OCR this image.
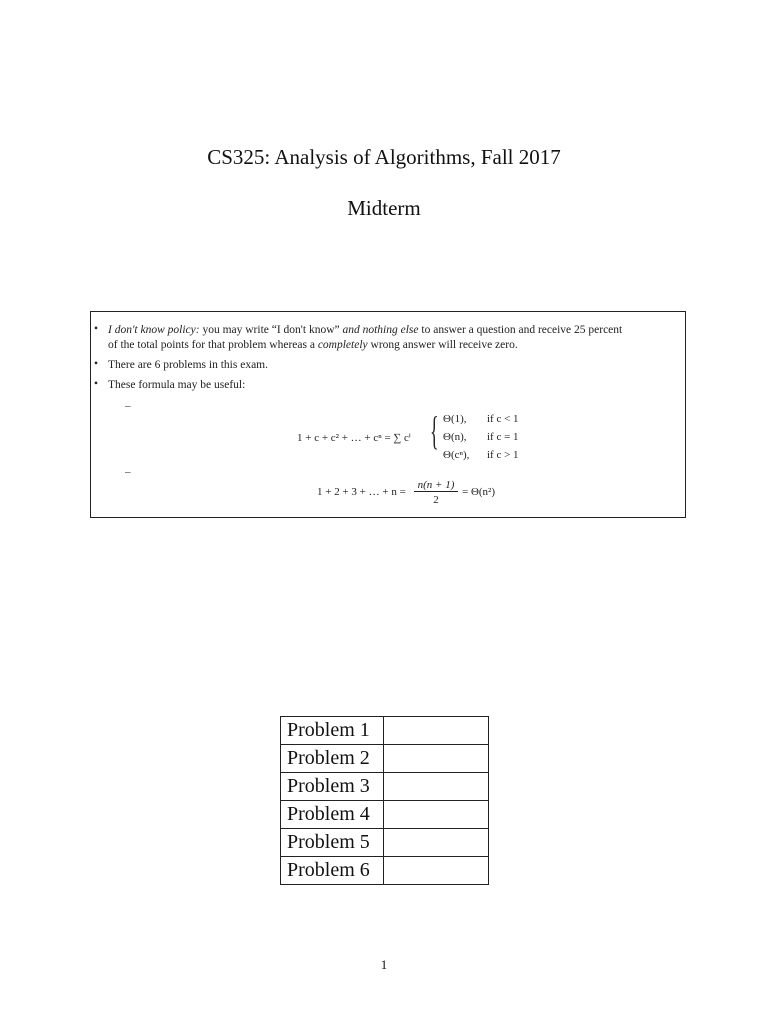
CS325: Analysis of Algorithms, Fall 2017
Midterm
• I don't know policy: you may write “I don't know” and nothing else to answer a question and receive 25 percent
of the total points for that problem whereas a completely wrong answer will receive zero.
• There are 6 problems in this exam.
• These formula may be useful:
–
1 + c + c² + … + cⁿ = ∑ cⁱ { Θ(1), if c < 1
Θ(n), if c = 1
Θ(cⁿ), if c > 1
–
1 + 2 + 3 + … + n =
n(n + 1)
2
= Θ(n²)
Problem 1	
Problem 2	
Problem 3	
Problem 4	
Problem 5	
Problem 6	
1
